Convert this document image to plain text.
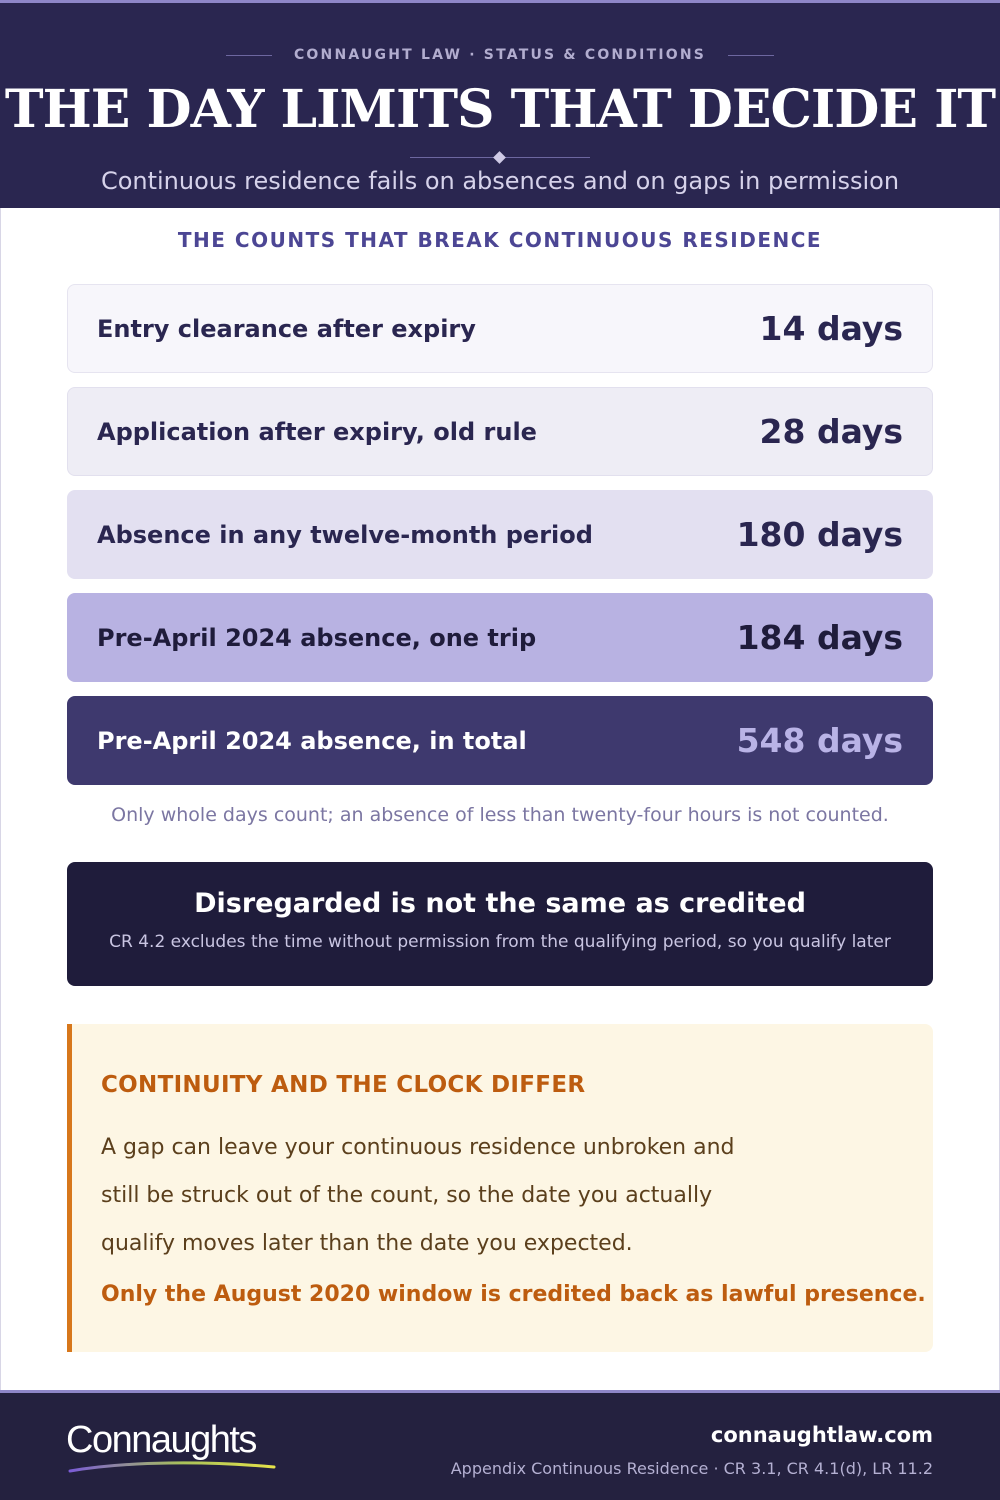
CONNAUGHT LAW · STATUS & CONDITIONS
THE DAY LIMITS THAT DECIDE IT
Continuous residence fails on absences and on gaps in permission
THE COUNTS THAT BREAK CONTINUOUS RESIDENCE
Entry clearance after expiry	14 days
Application after expiry, old rule	28 days
Absence in any twelve-month period	180 days
Pre-April 2024 absence, one trip	184 days
Pre-April 2024 absence, in total	548 days
Only whole days count; an absence of less than twenty-four hours is not counted.
Disregarded is not the same as credited
CR 4.2 excludes the time without permission from the qualifying period, so you qualify later
CONTINUITY AND THE CLOCK DIFFER
A gap can leave your continuous residence unbroken and still be struck out of the count, so the date you actually qualify moves later than the date you expected.
Only the August 2020 window is credited back as lawful presence.
Connaughts	connaughtlaw.com
Appendix Continuous Residence · CR 3.1, CR 4.1(d), LR 11.2
